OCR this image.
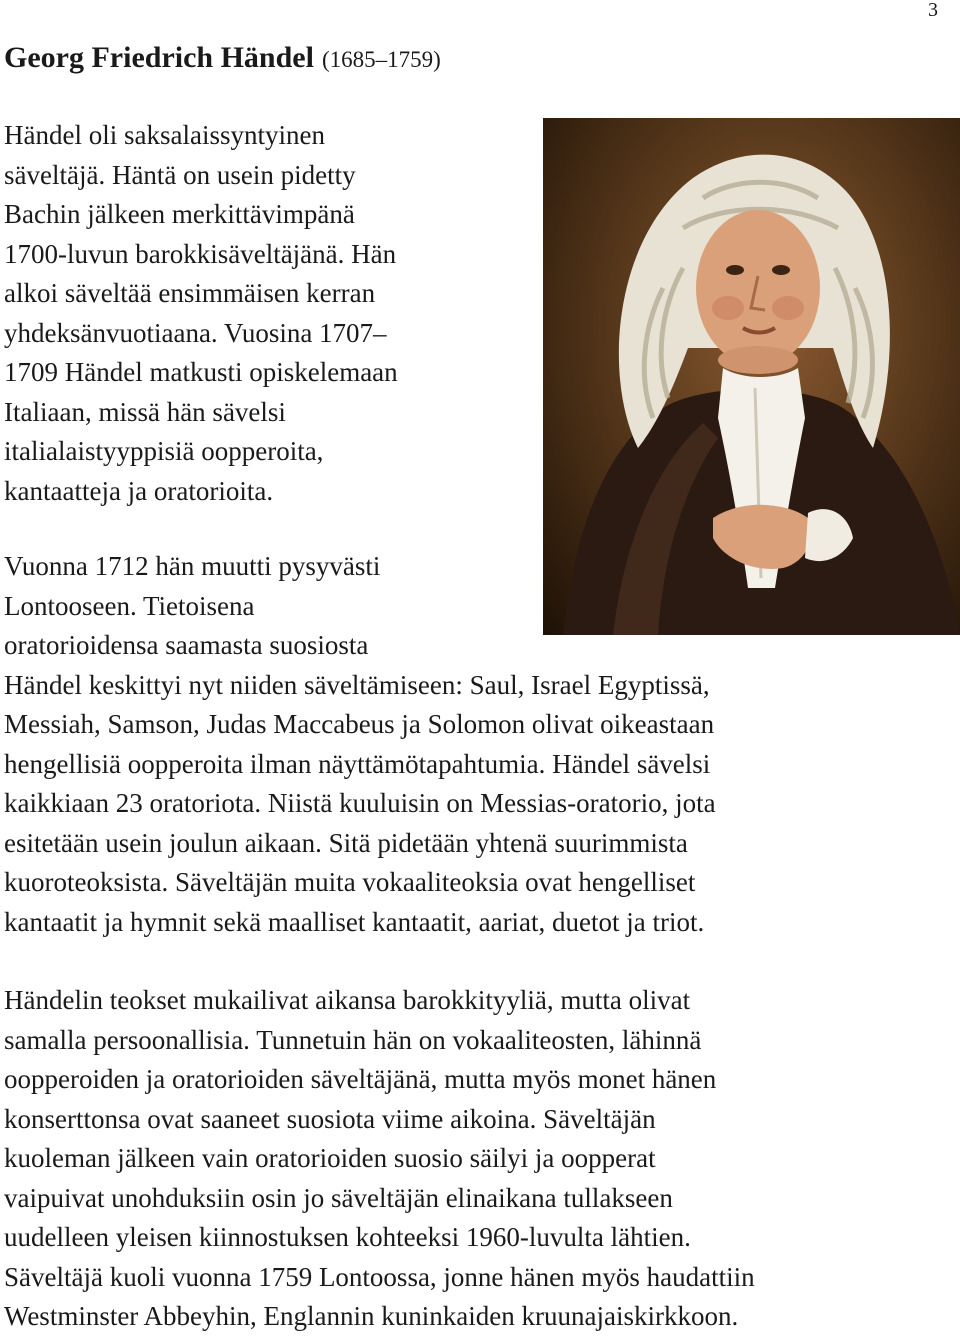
3
Georg Friedrich Händel (1685–1759)
Händel oli saksalaissyntyinen
säveltäjä. Häntä on usein pidetty
Bachin jälkeen merkittävimpänä
1700-luvun barokkisäveltäjänä. Hän
alkoi säveltää ensimmäisen kerran
yhdeksänvuotiaana. Vuosina 1707–
1709 Händel matkusti opiskelemaan
Italiaan, missä hän sävelsi
italialaistyyppisiä oopperoita,
kantaatteja ja oratorioita.
Vuonna 1712 hän muutti pysyvästi
Lontooseen. Tietoisena
oratorioidensa saamasta suosiosta
Händel keskittyi nyt niiden säveltämiseen: Saul, Israel Egyptissä,
Messiah, Samson, Judas Maccabeus ja Solomon olivat oikeastaan
hengellisiä oopperoita ilman näyttämötapahtumia. Händel sävelsi
kaikkiaan 23 oratoriota. Niistä kuuluisin on Messias-oratorio, jota
esitetään usein joulun aikaan. Sitä pidetään yhtenä suurimmista
kuoroteoksista. Säveltäjän muita vokaaliteoksia ovat hengelliset
kantaatit ja hymnit sekä maalliset kantaatit, aariat, duetot ja triot.
Händelin teokset mukailivat aikansa barokkityyliä, mutta olivat
samalla persoonallisia. Tunnetuin hän on vokaaliteosten, lähinnä
oopperoiden ja oratorioiden säveltäjänä, mutta myös monet hänen
konserttonsa ovat saaneet suosiota viime aikoina. Säveltäjän
kuoleman jälkeen vain oratorioiden suosio säilyi ja oopperat
vaipuivat unohduksiin osin jo säveltäjän elinaikana tullakseen
uudelleen yleisen kiinnostuksen kohteeksi 1960-luvulta lähtien.
Säveltäjä kuoli vuonna 1759 Lontoossa, jonne hänen myös haudattiin
Westminster Abbeyhin, Englannin kuninkaiden kruunajaiskirkkoon.
